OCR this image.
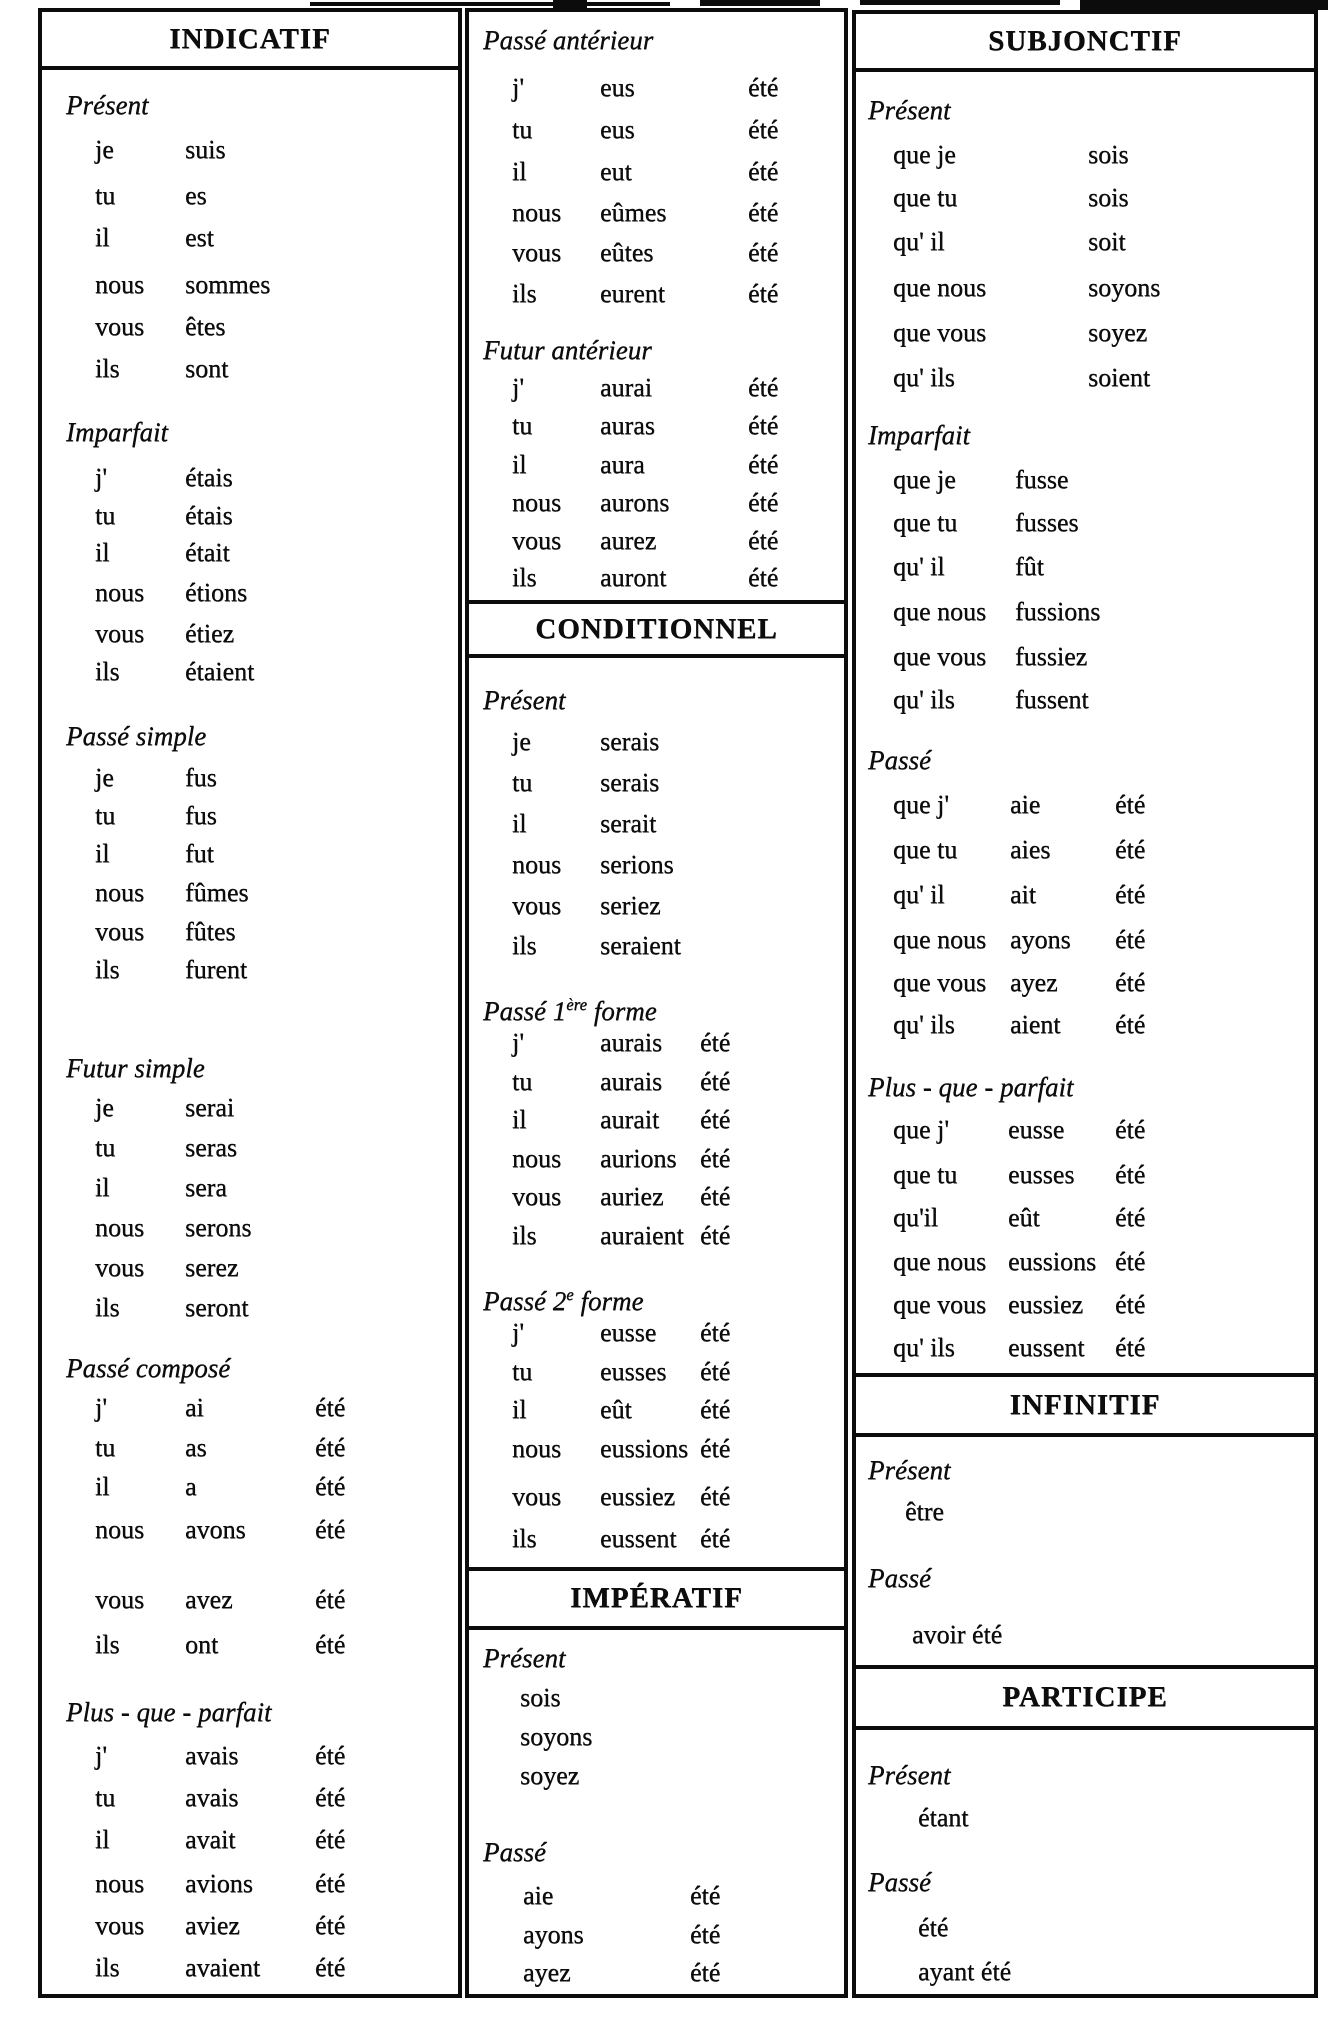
INDICATIF
Présent
je	suis
tu	es
il	est
nous sommes
vous êtes
ils	sont
Imparfait
j'	étais
tu	étais
il	était
nous étions
vous étiez
ils	étaient
Passé simple
je	fus
tu	fus
il	fut
nous fûmes
vous fûtes
ils	furent
Futur simple
je	serai
tu	seras
il	sera
nous serons
vous serez
ils	seront
Passé composé
j'	ai	été
tu	as	été
il	a	été
nous avons	été
vous avez	été
ils	ont	été
Plus - que - parfait
j'	avais	été
tu	avais	été
il	avait	été
nous avions été
vous aviez	été
ils	avaient été
CONDITIONNEL
IMPÉRATIF
Passé antérieur
j'	eus	été
tu	eus	été
il	eut	été
nous eûmes	été
vous eûtes	été
ils eurent	été
Futur antérieur
j'	aurai	été
tu	auras	été
il	aura	été
nous aurons	été
vous aurez	été
ils auront	été
Présent
je	serais
tu	serais
il	serait
nous serions
vous seriez
ils seraient
Passé 1ère forme
j'	aurais été
tu	aurais été
il	aurait été
nous aurions été
vous auriez été
ils auraient été
Passé 2e forme
j'	eusse été
tu	eusses été
il	eût	été
nous eussions été
vous eussiez été
ils eussent été
Présent
sois
soyons
soyez
Passé
aie	été
ayons	été
ayez	été
SUBJONCTIF
INFINITIF
PARTICIPE
Présent
que je	sois
que tu	sois
qu' il	soit
que nous	soyons
que vous	soyez
qu' ils	soient
Imparfait
que je fusse
que tu fusses
qu' il	fût
que nous fussions
que vous fussiez
qu' ils fussent
Passé
que j' aie	été
que tu aies été
qu' il	ait	été
que nous ayons été
que vous ayez été
qu' ils aient été
Plus - que - parfait
que j' eusse été
que tu eusses été
qu'il	eût	été
que nous eussions été
que vous eussiez été
qu' ils eussent été
Présent
être
Passé
avoir été
Présent
étant
Passé
été
ayant été
